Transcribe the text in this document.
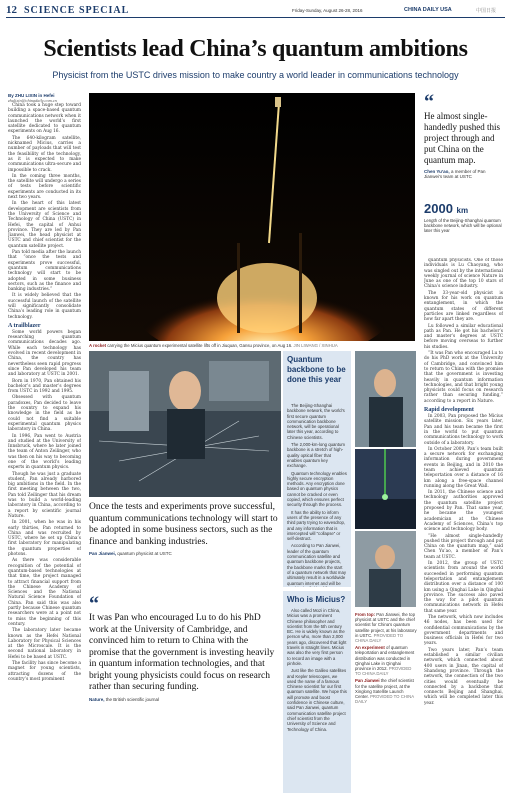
12 SCIENCE SPECIAL	Friday-Sunday, August 26-28, 2016	CHINA DAILY USA	中国日报
Scientists lead China’s quantum ambitions
Physicist from the USTC drives mission to make country a world leader in communications technology
By ZHU LIXIN in Hefei
zhulixin@chinadaily.com.cn

China took a huge step toward building a space-based quantum communications network when it launched the world’s first satellite dedicated to quantum experiments on Aug 16.

The 640-kilogram satellite, nicknamed Micius, carries a number of payloads that will test the feasibility of the technology, as it is expected to make communications ultra-secure and impossible to crack.

In the coming three months, the satellite will undergo a series of tests before scientific experiments are conducted in its next two years.

In the heart of this latest development are scientists from the University of Science and Technology of China (USTC) in Hefei, the capital of Anhui province. They are led by Pan Jianwei, the head physicist at USTC and chief scientist for the quantum satellite project.

Pan told media after the launch that “once the tests and experiments prove successful, quantum communications technology will start to be adopted in some business sectors, such as the finance and banking industries.”

It is widely believed that the successful launch of the satellite will significantly consolidate China’s leading role in quantum technology.

A trailblazer

Some world powers began researching quantum communications decades ago. While each technology has evolved in recent development in China, the country has nevertheless seen rapid progress since Pan developed his team and laboratory at USTC in 2001.

Born in 1970, Pan obtained his bachelor’s and master’s degrees from USTC in 1992 and 1995.

Obsessed with quantum paradoxes, Pan decided to leave the country to expand his knowledge in the field as he could not find a suitable experimental quantum physics laboratory in China.

In 1996, Pan went to Austria and studied at the University of Innsbruck, where he later joined the team of Anton Zeilinger, who was then on his way to becoming one of the world’s leading experts in quantum physics.

Though he was just a graduate student, Pan already harbored big ambitions in the field. In the first meeting between the two, Pan told Zeilinger that his dream was to build a world-leading laboratory in China, according to a report by scientific journal Nature.

In 2001, when he was in his early thirties, Pan returned to China and was recruited by USTC, where he set up China’s first laboratory for manipulating the quantum properties of photons.

As there was considerable recognition of the potential of quantum-based technologies at that time, the project managed to attract financial support from the Chinese Academy of Sciences and the National Natural Science Foundation of China. Pan said this was also partly because Chinese quantum researchers were at a point not to miss the beginning of this century.

The laboratory later became known as the Hefei National Laboratory for Physical Sciences at the Microscale. It is the second national laboratory in Hefei to be based at USTC.

The facility has since become a magnet for young scientists, attracting dozens of the country’s most prominent

A rocket carrying the Micius quantum experimental satellite lifts off in Jiuquan, Gansu province, on Aug 16. JIN LIWANG / XINHUA
Once the tests and experiments prove successful, quantum communications technology will start to be adopted in some business sectors, such as the finance and banking industries.
Pan Jianwei, quantum physicist at USTC
“
It was Pan who encouraged Lu to do his PhD work at the University of Cambridge, and convinced him to return to China with the promise that the government is investing heavily in quantum information technologies, and that bright young physicists could focus on research rather than securing funding.
Nature, the British scientific journal
Quantum backbone to be done this year

The Beijing-Shanghai backbone network, the world’s first secure quantum communication backbone network, will be operational later this year, according to Chinese scientists.

The 2,000-km-long quantum backbone is a stretch of high-quality optical fiber that enables quantum key exchange.

Quantum technology enables highly secure encryption methods. Any encryption done based on quantum physics cannot be cracked or even copied, which ensures perfect security through the process.

It has the ability to inform users of the presence of any third party trying to eavesdrop, and any information that is intercepted will “collapse” or self-destruct.

According to Pan Jianwei, leader of the quantum communication satellite and quantum backbone projects, the backbone marks the start of a quantum network that may ultimately result in a worldwide quantum internet and will be

Who is Micius?

Also called Mozi in China, Micius was a prominent Chinese philosopher and scientist from the 5th century BC. He is widely known as the person who, more than 2,000 years ago, discovered that light travels in straight lines. Micius was also the very first person to record an image with a pinhole.

Just like the Galileo satellites and Kepler telescopes, we used the name of a famous Chinese scientist for our first quantum satellite. We hope this will promote and boost confidence in Chinese culture, said Pan Jianwei, quantum communication satellite project chief scientist from the University of Science and Technology of China.

From top: Pan Jianwei, the top physicist at USTC and the chief scientist for China’s quantum satellite project, at his laboratory in USTC. PROVIDED TO CHINA DAILY
An experiment of quantum teleportation and entanglement distribution was conducted in Qinghai Lake in Qinghai province in 2012. PROVIDED TO CHINA DAILY
Pan Jianwei the chief scientist for the satellite project, at the Xinglong Satellite Launch Center. PROVIDED TO CHINA DAILY
“
He almost single-handedly pushed this project through and put China on the quantum map.
Chen Yu’ao, a member of Pan Jianwei’s team at USTC
2000 km
Length of the Beijing-Shanghai quantum backbone network, which will be optional later this year

quantum physicists. One of those individuals is Lu Chaoyang, who was singled out by the international weekly journal of science Nature in June as one of the top 10 stars of China’s science industry.

The 33-year-old physicist is known for his work on quantum entanglement, in which the quantum states of different particles are linked regardless of how far apart they are.

Lu followed a similar educational path as Pan. He got his bachelor’s and master’s degrees at USTC before moving overseas to further his studies.

“It was Pan who encouraged Lu to do his PhD work at the University of Cambridge, and convinced him to return to China with the promise that the government is investing heavily in quantum information technologies, and that bright young physicists could focus on research rather than securing funding,” according to a report in Nature.

Rapid development

In 2003, Pan proposed the Micius satellite mission. Six years later, Pan and his team became the first in the world to put quantum communications technology to work outside of a laboratory.

In October 2009, Pan’s team built a secure network for exchanging information during government events in Beijing, and in 2010 the team achieved quantum teleportation over a distance of 16 km along a free-space channel running along the Great Wall.

In 2011, the Chinese science and technology authorities approved the quantum satellite project proposed by Pan. That same year, he became the youngest academician at the Chinese Academy of Sciences, China’s top science and technology body.

“He almost single-handedly pushed this project through and put China on the quantum map,” said Chen Yu’ao, a member of Pan’s team at USTC.

In 2012, the group of USTC scientists from around the world succeeded in performing quantum teleportation and entanglement distribution over a distance of 100 km using a Qinghai Lake in Qinghai province. The success also paved the way for a pilot quantum communications network in Hefei that same year.

The network, which now includes 46 nodes, has been used for confidential communications by the government departments and business officials in Hefei for two years.

Two years later, Pan’s team established a similar civilian network, which connected about 400 users in Jinan, the capital of Shandong province. Through the network, the connection of the two cities would eventually be connected by a backbone that connects Beijing and Shanghai, which will be completed later this year.
